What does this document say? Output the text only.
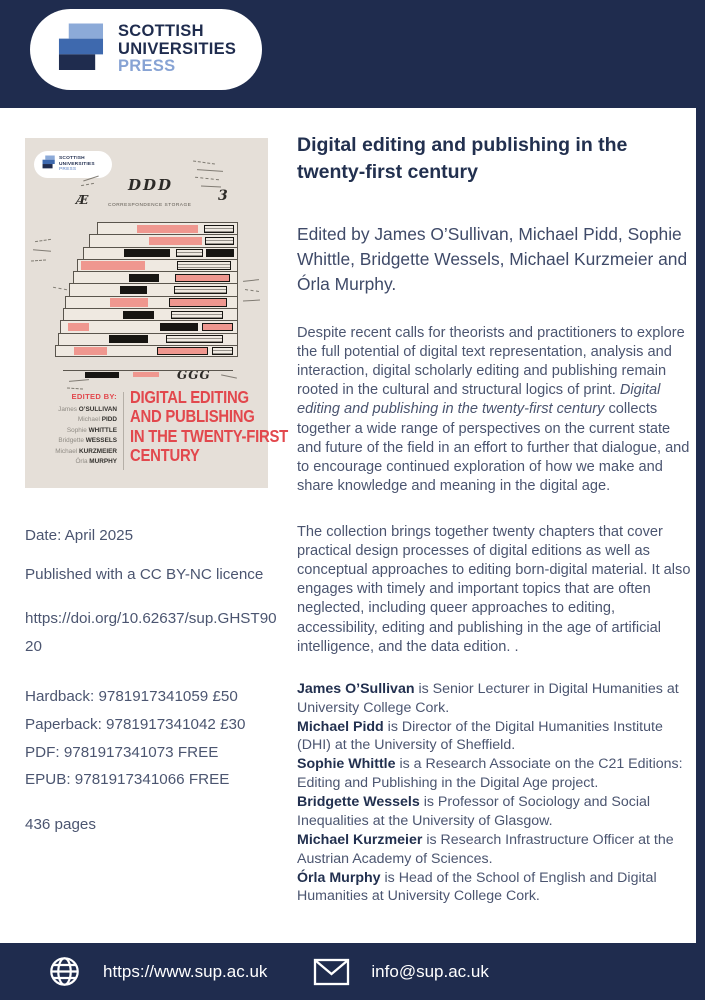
SCOTTISH
UNIVERSITIES
PRESS
SCOTTISH
UNIVERSITIES
PRESS
DDD
Æ	3
CORRESPONDENCE STORAGE
GGG
EDITED BY:
James O’SULLIVAN
Michael PIDD
Sophie WHITTLE
Bridgette WESSELS
Michael KURZMEIER
Órla MURPHY
DIGITAL EDITING
AND PUBLISHING
IN THE TWENTY-FIRST
CENTURY

Date: April 2025

Published with a CC BY-NC licence

https://doi.org/10.62637/sup.GHST9020

Hardback: 9781917341059 £50

Paperback: 9781917341042 £30

PDF: 9781917341073 FREE

EPUB: 9781917341066 FREE

436 pages

Digital editing and publishing in the twenty-first century

Edited by James O’Sullivan, Michael Pidd, Sophie Whittle, Bridgette Wessels, Michael Kurzmeier and Órla Murphy.

Despite recent calls for theorists and practitioners to explore the full potential of digital text representation, analysis and interaction, digital scholarly editing and publishing remain rooted in the cultural and structural logics of print. Digital editing and publishing in the twenty-first century collects together a wide range of perspectives on the current state and future of the field in an effort to further that dialogue, and to encourage continued exploration of how we make and share knowledge and meaning in the digital age.

The collection brings together twenty chapters that cover practical design processes of digital editions as well as conceptual approaches to editing born-digital material. It also engages with timely and important topics that are often neglected, including queer approaches to editing, accessibility, editing and publishing in the age of artificial intelligence, and the data edition. .

James O’Sullivan is Senior Lecturer in Digital Humanities at University College Cork.
Michael Pidd is Director of the Digital Humanities Institute (DHI) at the University of Sheffield.
Sophie Whittle is a Research Associate on the C21 Editions: Editing and Publishing in the Digital Age project.
Bridgette Wessels is Professor of Sociology and Social Inequalities at the University of Glasgow.
Michael Kurzmeier is Research Infrastructure Officer at the Austrian Academy of Sciences.
Órla Murphy is Head of the School of English and Digital Humanities at University College Cork.
https://www.sup.ac.uk	info@sup.ac.uk
